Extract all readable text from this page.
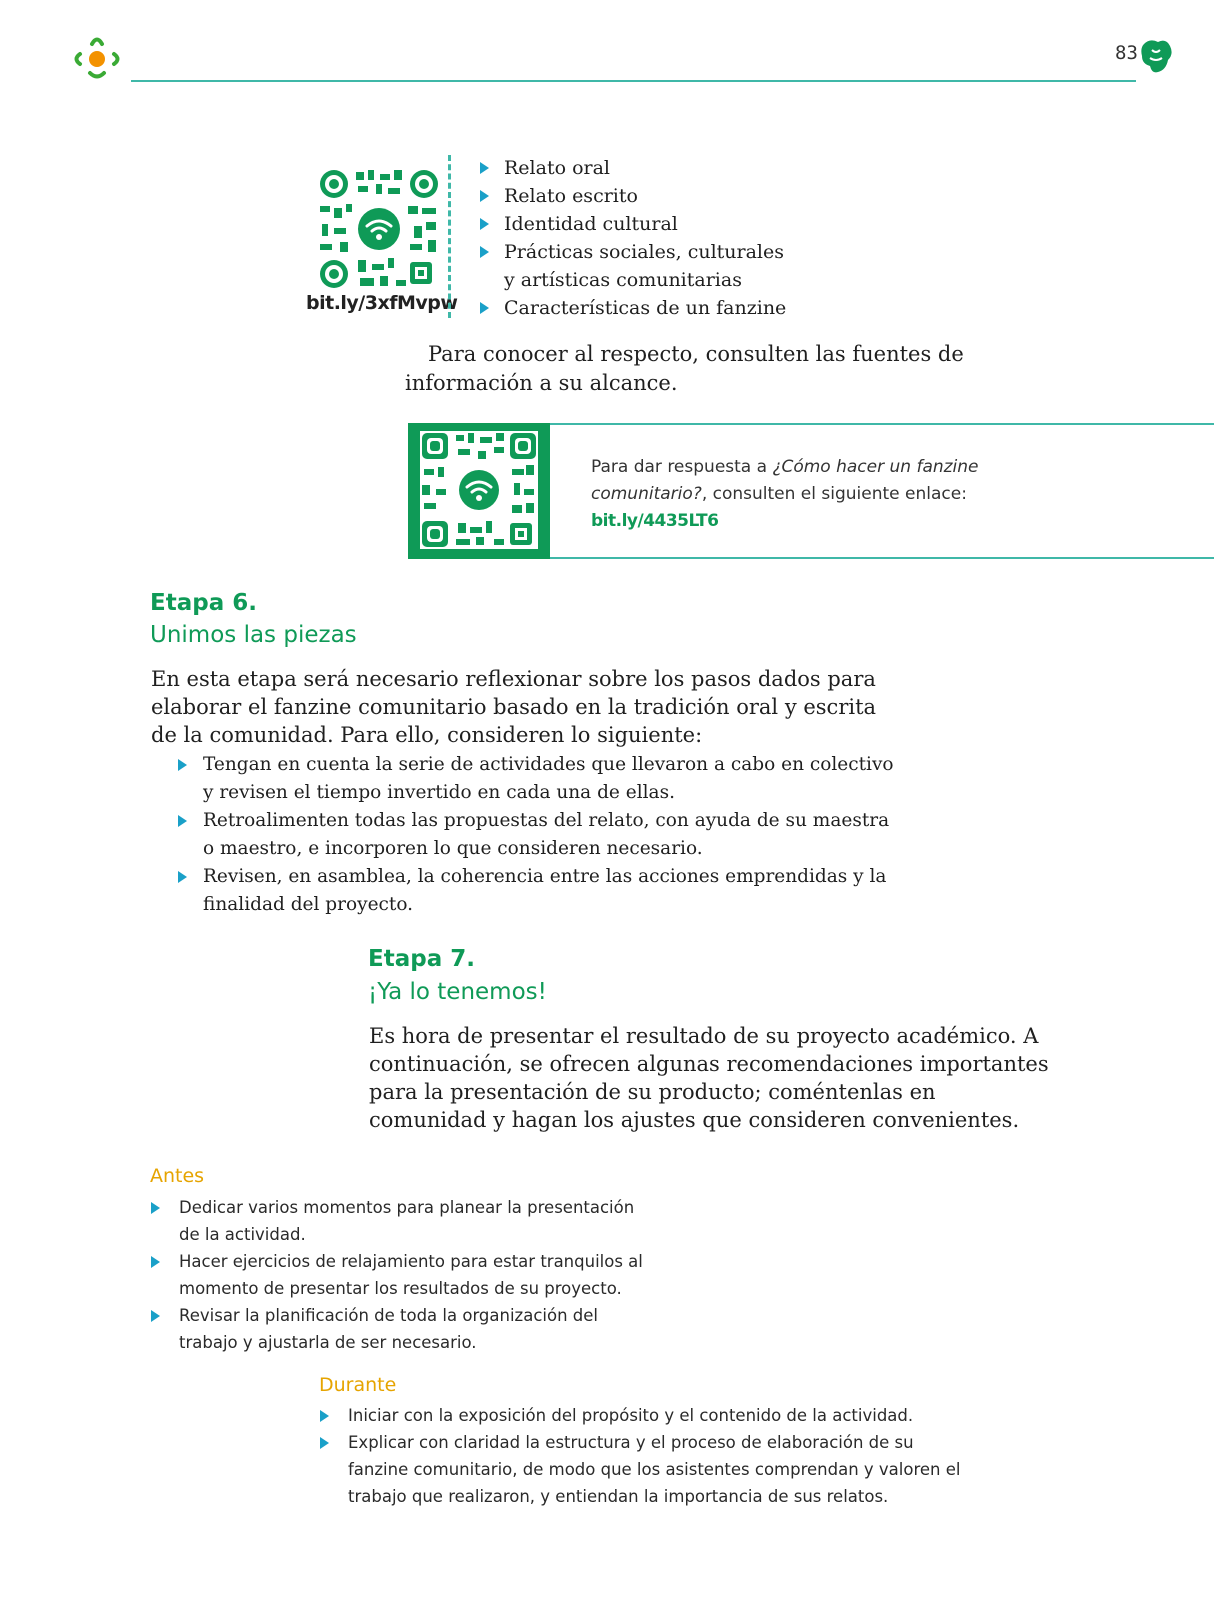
83
bit.ly/3xfMvpw
Relato oral
Relato escrito
Identidad cultural
Prácticas sociales, culturales
y artísticas comunitarias
Características de un fanzine
Para conocer al respecto, consulten las fuentes de
información a su alcance.
Para dar respuesta a ¿Cómo hacer un fanzine
comunitario?, consulten el siguiente enlace:
bit.ly/4435LT6
Etapa 6.
Unimos las piezas
En esta etapa será necesario reflexionar sobre los pasos dados para
elaborar el fanzine comunitario basado en la tradición oral y escrita
de la comunidad. Para ello, consideren lo siguiente:
Tengan en cuenta la serie de actividades que llevaron a cabo en colectivo
y revisen el tiempo invertido en cada una de ellas.
Retroalimenten todas las propuestas del relato, con ayuda de su maestra
o maestro, e incorporen lo que consideren necesario.
Revisen, en asamblea, la coherencia entre las acciones emprendidas y la
finalidad del proyecto.
Etapa 7.
¡Ya lo tenemos!
Es hora de presentar el resultado de su proyecto académico. A
continuación, se ofrecen algunas recomendaciones importantes
para la presentación de su producto; coméntenlas en
comunidad y hagan los ajustes que consideren convenientes.
Antes
Dedicar varios momentos para planear la presentación
de la actividad.
Hacer ejercicios de relajamiento para estar tranquilos al
momento de presentar los resultados de su proyecto.
Revisar la planificación de toda la organización del
trabajo y ajustarla de ser necesario.
Durante
Iniciar con la exposición del propósito y el contenido de la actividad.
Explicar con claridad la estructura y el proceso de elaboración de su
fanzine comunitario, de modo que los asistentes comprendan y valoren el
trabajo que realizaron, y entiendan la importancia de sus relatos.
